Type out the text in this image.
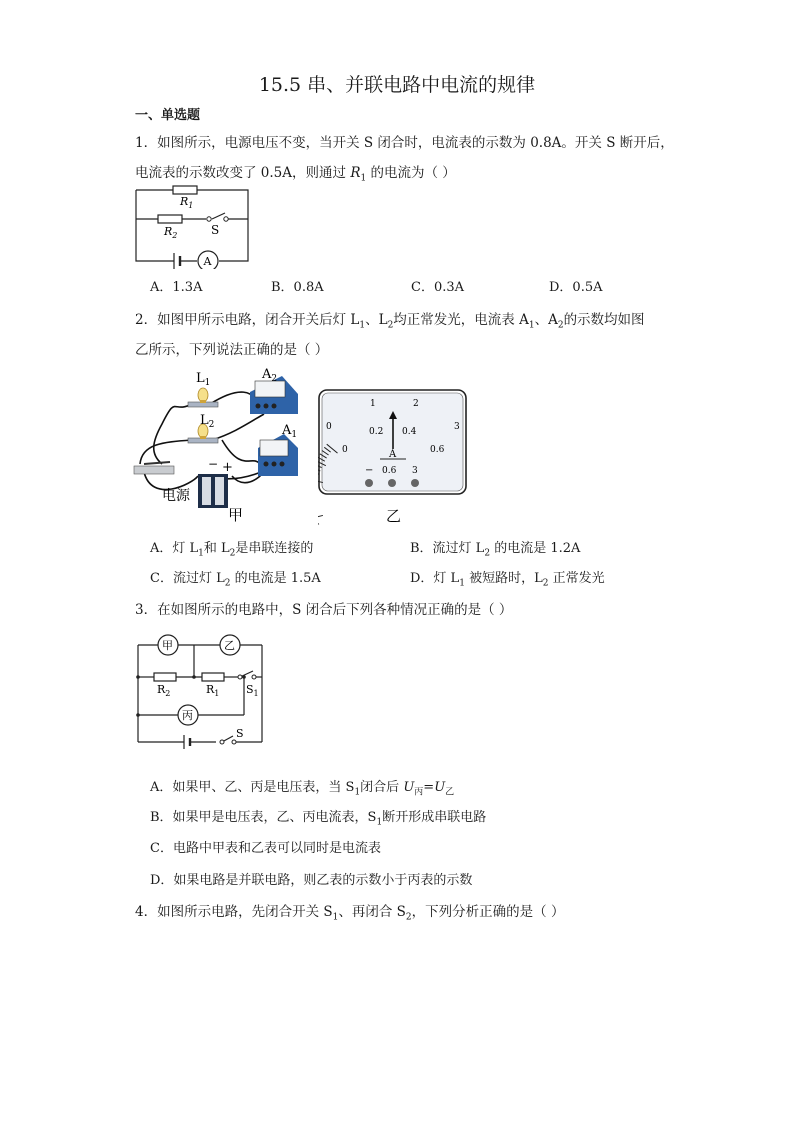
15.5 串、并联电路中电流的规律
一、单选题
1．如图所示，电源电压不变，当开关 S 闭合时，电流表的示数为 0.8A。开关 S 断开后，
电流表的示数改变了 0.5A，则通过 $R_1$ 的电流为（ ）
$R_1$
$R_2$	S
A
A．1.3A	B．0.8A	C．0.3A	D．0.5A
2．如图甲所示电路，闭合开关后灯 $L_1$、$L_2$均正常发光，电流表 $A_1$、$A_2$的示数均如图
乙所示，下列说法正确的是（ ）
$L_1$
$L_2$
$A_2$
$A_1$
− +
电源
甲
0
1	2
3
0
0.2 0.4
0.6
A
− 0.6 3
乙
A．灯 $L_1$和 $L_2$是串联连接的	B．流过灯 $L_2$ 的电流是 1.2A
C．流过灯 $L_2$ 的电流是 1.5A	D．灯 $L_1$ 被短路时，$L_2$ 正常发光
3．在如图所示的电路中，S 闭合后下列各种情况正确的是（ ）
甲	乙
丙
$R_2$	$R_1$ $S_1$
S
A．如果甲、乙、丙是电压表，当 $S_1$闭合后 $U_丙=U_乙$
B．如果甲是电压表，乙、丙电流表，$S_1$断开形成串联电路
C．电路中甲表和乙表可以同时是电流表
D．如果电路是并联电路，则乙表的示数小于丙表的示数
4．如图所示电路，先闭合开关 $S_1$、再闭合 $S_2$，下列分析正确的是（ ）
